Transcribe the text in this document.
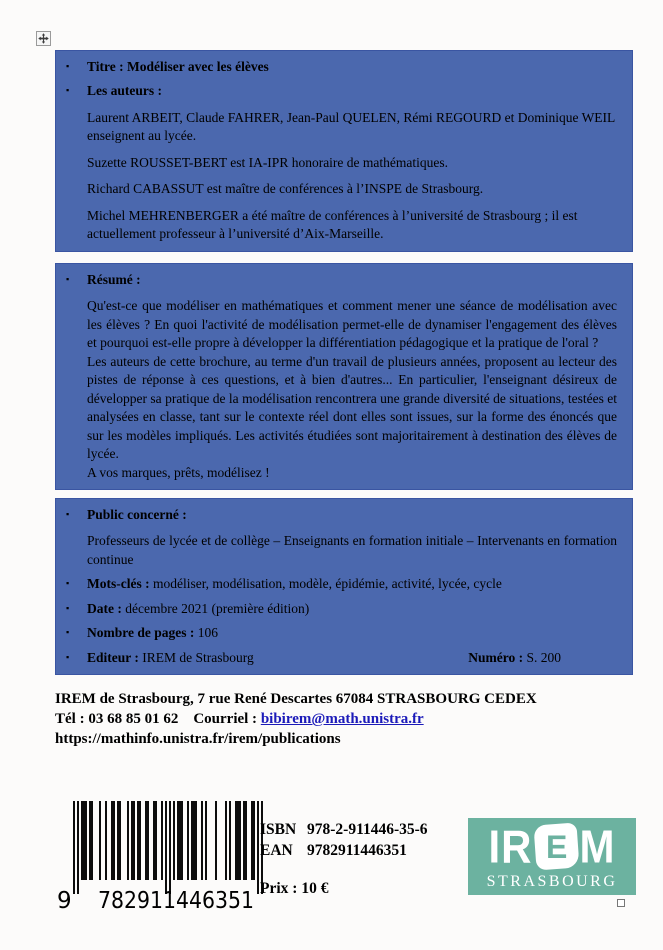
▪	Titre : Modéliser avec les élèves
▪	Les auteurs :

Laurent ARBEIT, Claude FAHRER, Jean-Paul QUELEN, Rémi REGOURD et Dominique WEIL enseignent au lycée.

Suzette ROUSSET-BERT est IA-IPR honoraire de mathématiques.

Richard CABASSUT est maître de conférences à l’INSPE de Strasbourg.

Michel MEHRENBERGER a été maître de conférences à l’université de Strasbourg ; il est actuellement professeur à l’université d’Aix-Marseille.

▪	Résumé :

Qu'est-ce que modéliser en mathématiques et comment mener une séance de modélisation avec les élèves ? En quoi l'activité de modélisation permet-elle de dynamiser l'engagement des élèves et pourquoi est-elle propre à développer la différentiation pédagogique et la pratique de l'oral ?

Les auteurs de cette brochure, au terme d'un travail de plusieurs années, proposent au lecteur des pistes de réponse à ces questions, et à bien d'autres... En particulier, l'enseignant désireux de développer sa pratique de la modélisation rencontrera une grande diversité de situations, testées et analysées en classe, tant sur le contexte réel dont elles sont issues, sur la forme des énoncés que sur les modèles impliqués. Les activités étudiées sont majoritairement à destination des élèves de lycée.

A vos marques, prêts, modélisez !

▪	Public concerné :

Professeurs de lycée et de collège – Enseignants en formation initiale – Intervenants en formation continue

▪	Mots-clés : modéliser, modélisation, modèle, épidémie, activité, lycée, cycle
▪	Date : décembre 2021 (première édition)
▪	Nombre de pages : 106
▪	Editeur : IREM de Strasbourg	Numéro : S. 200
IREM de Strasbourg, 7 rue René Descartes 67084 STRASBOURG CEDEX
Tél : 03 68 85 01 62 Courriel : bibirem@math.unistra.fr
https://mathinfo.unistra.fr/irem/publications
9 782911 446351
ISBN 978-2-911446-35-6
EAN 9782911446351
Prix : 10 €
IR E M
STRASBOURG
